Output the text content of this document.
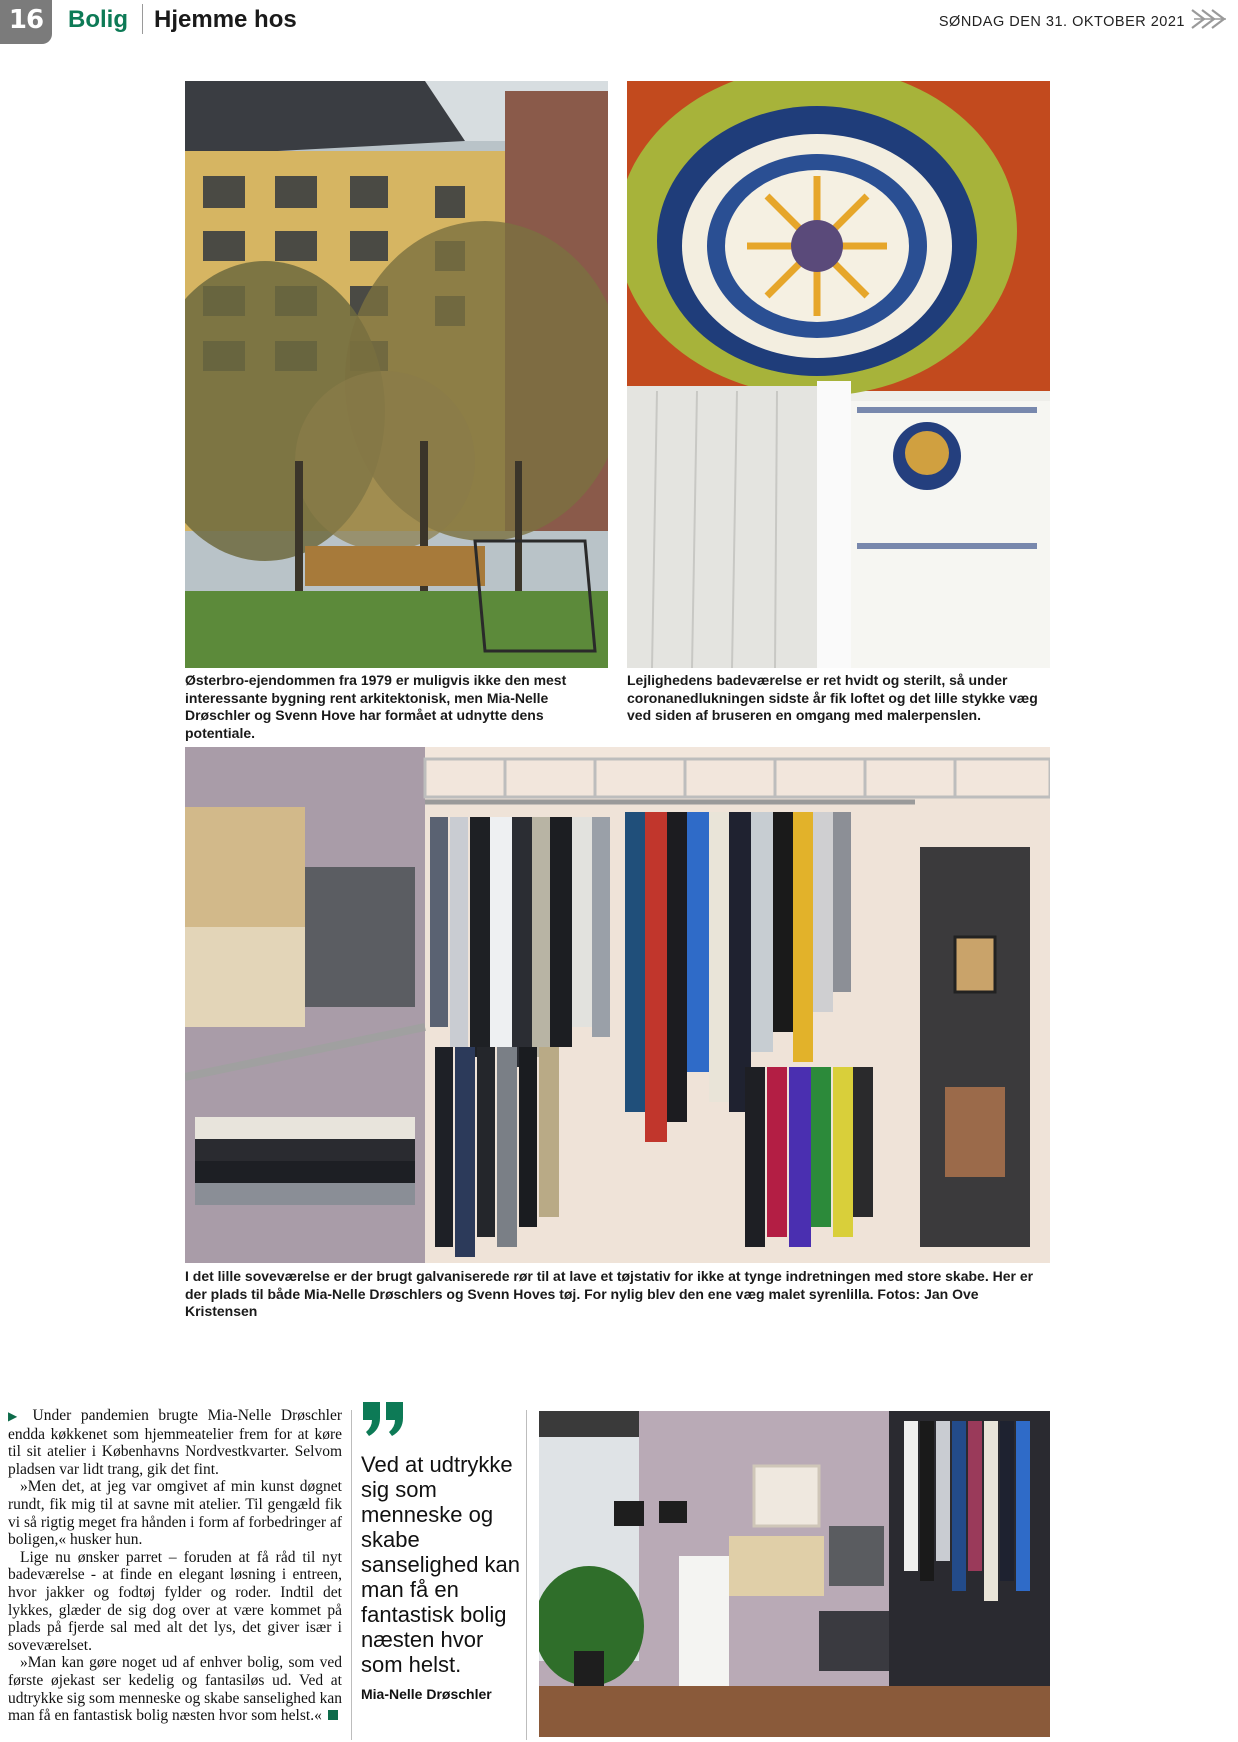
16	Bolig Hjemme hos	SØNDAG DEN 31. OKTOBER 2021
Østerbro-ejendommen fra 1979 er muligvis ikke den mest interessante bygning rent arkitektonisk, men Mia-Nelle Drøschler og Svenn Hove har formået at udnytte dens potentiale.
Lejlighedens badeværelse er ret hvidt og sterilt, så under coronanedlukningen sidste år fik loftet og det lille stykke væg ved siden af bruseren en omgang med malerpenslen.
I det lille soveværelse er der brugt galvaniserede rør til at lave et tøjstativ for ikke at tynge indretningen med store skabe. Her er der plads til både Mia-Nelle Drøschlers og Svenn Hoves tøj. For nylig blev den ene væg malet syrenlilla. Fotos: Jan Ove Kristensen

▶ Under pandemien brugte Mia-Nelle Drøschler endda køkkenet som hjemmeatelier frem for at køre til sit atelier i Københavns Nordvestkvarter. Selvom pladsen var lidt trang, gik det fint.

»Men det, at jeg var omgivet af min kunst døgnet rundt, fik mig til at savne mit atelier. Til gengæld fik vi så rigtig meget fra hånden i form af forbedringer af boligen,« husker hun.

Lige nu ønsker parret – foruden at få råd til nyt badeværelse - at finde en elegant løsning i entreen, hvor jakker og fodtøj fylder og roder. Indtil det lykkes, glæder de sig dog over at være kommet på plads på fjerde sal med alt det lys, det giver især i soveværelset.

»Man kan gøre noget ud af enhver bolig, som ved første øjekast ser kedelig og fantasiløs ud. Ved at udtrykke sig som menneske og skabe sanselighed kan man få en fantastisk bolig næsten hvor som helst.«

Ved at udtrykke sig som menneske og skabe sanselighed kan man få en fantastisk bolig næsten hvor som helst.
Mia-Nelle Drøschler
